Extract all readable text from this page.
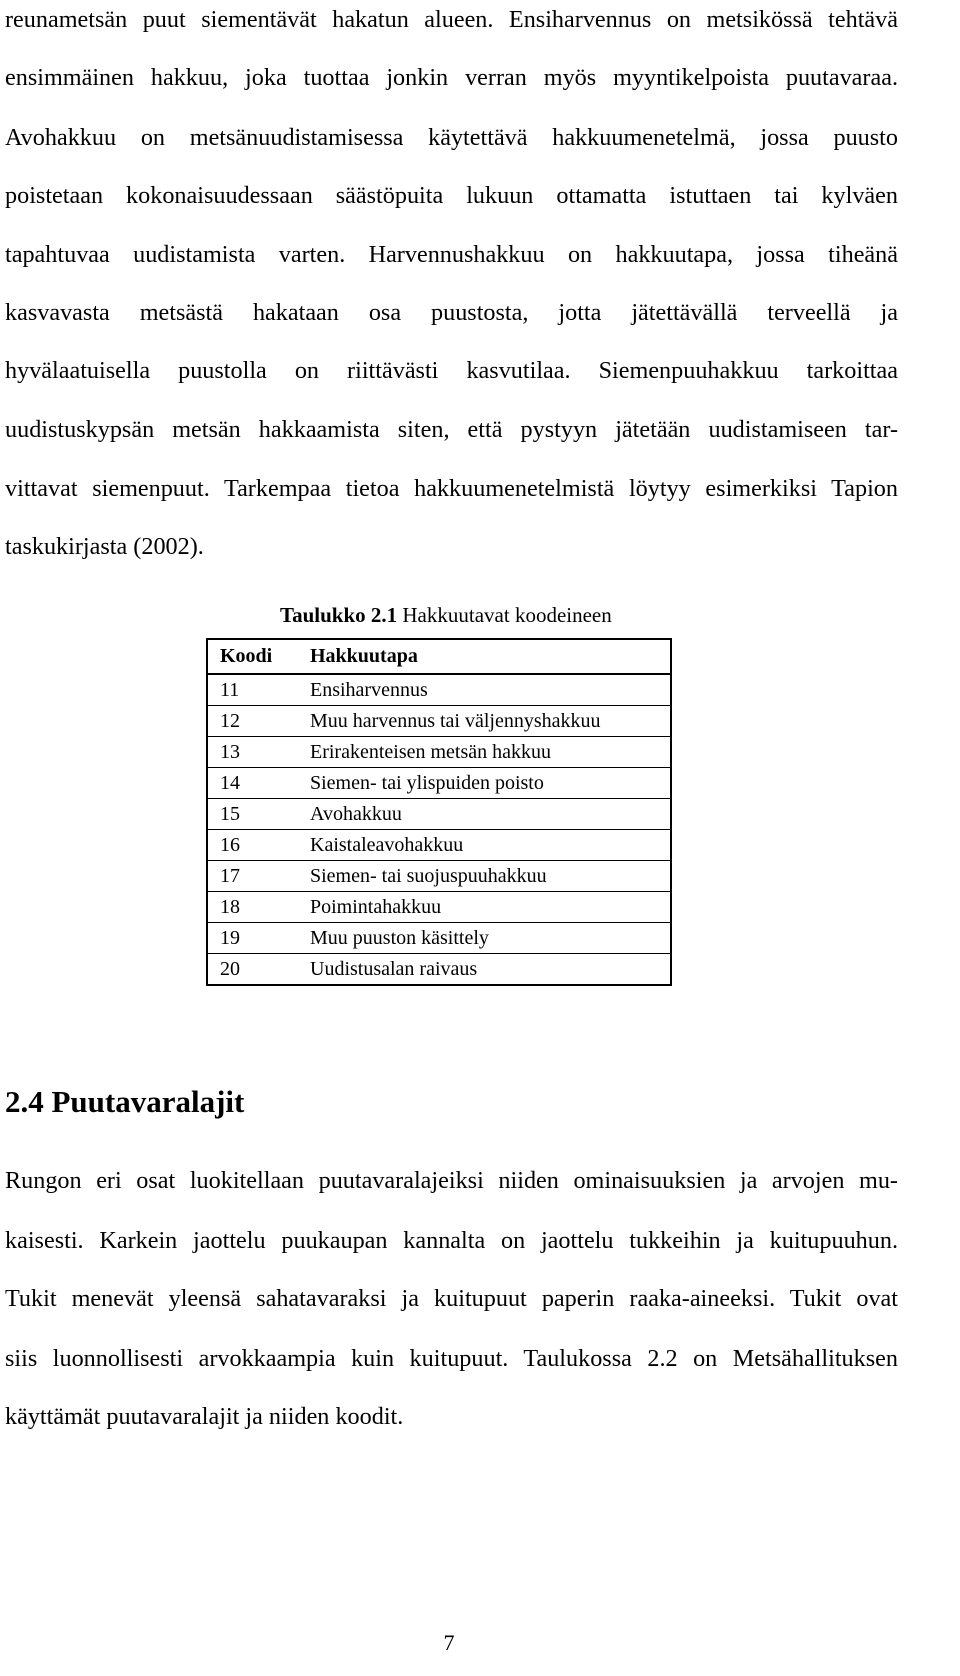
reunametsän puut siementävät hakatun alueen. Ensiharvennus on metsikössä tehtävä
ensimmäinen hakkuu, joka tuottaa jonkin verran myös myyntikelpoista puutavaraa.
Avohakkuu on metsänuudistamisessa käytettävä hakkuumenetelmä, jossa puusto
poistetaan kokonaisuudessaan säästöpuita lukuun ottamatta istuttaen tai kylväen
tapahtuvaa uudistamista varten. Harvennushakkuu on hakkuutapa, jossa tiheänä
kasvavasta metsästä hakataan osa puustosta, jotta jätettävällä terveellä ja
hyvälaatuisella puustolla on riittävästi kasvutilaa. Siemenpuuhakkuu tarkoittaa
uudistuskypsän metsän hakkaamista siten, että pystyyn jätetään uudistamiseen tar-
vittavat siemenpuut. Tarkempaa tietoa hakkuumenetelmistä löytyy esimerkiksi Tapion
taskukirjasta (2002).
Taulukko 2.1 Hakkuutavat koodeineen
Koodi	Hakkuutapa
11	Ensiharvennus
12	Muu harvennus tai väljennyshakkuu
13	Erirakenteisen metsän hakkuu
14	Siemen- tai ylispuiden poisto
15	Avohakkuu
16	Kaistaleavohakkuu
17	Siemen- tai suojuspuuhakkuu
18	Poimintahakkuu
19	Muu puuston käsittely
20	Uudistusalan raivaus
2.4 Puutavaralajit
Rungon eri osat luokitellaan puutavaralajeiksi niiden ominaisuuksien ja arvojen mu-
kaisesti. Karkein jaottelu puukaupan kannalta on jaottelu tukkeihin ja kuitupuuhun.
Tukit menevät yleensä sahatavaraksi ja kuitupuut paperin raaka-aineeksi. Tukit ovat
siis luonnollisesti arvokkaampia kuin kuitupuut. Taulukossa 2.2 on Metsähallituksen
käyttämät puutavaralajit ja niiden koodit.
7
